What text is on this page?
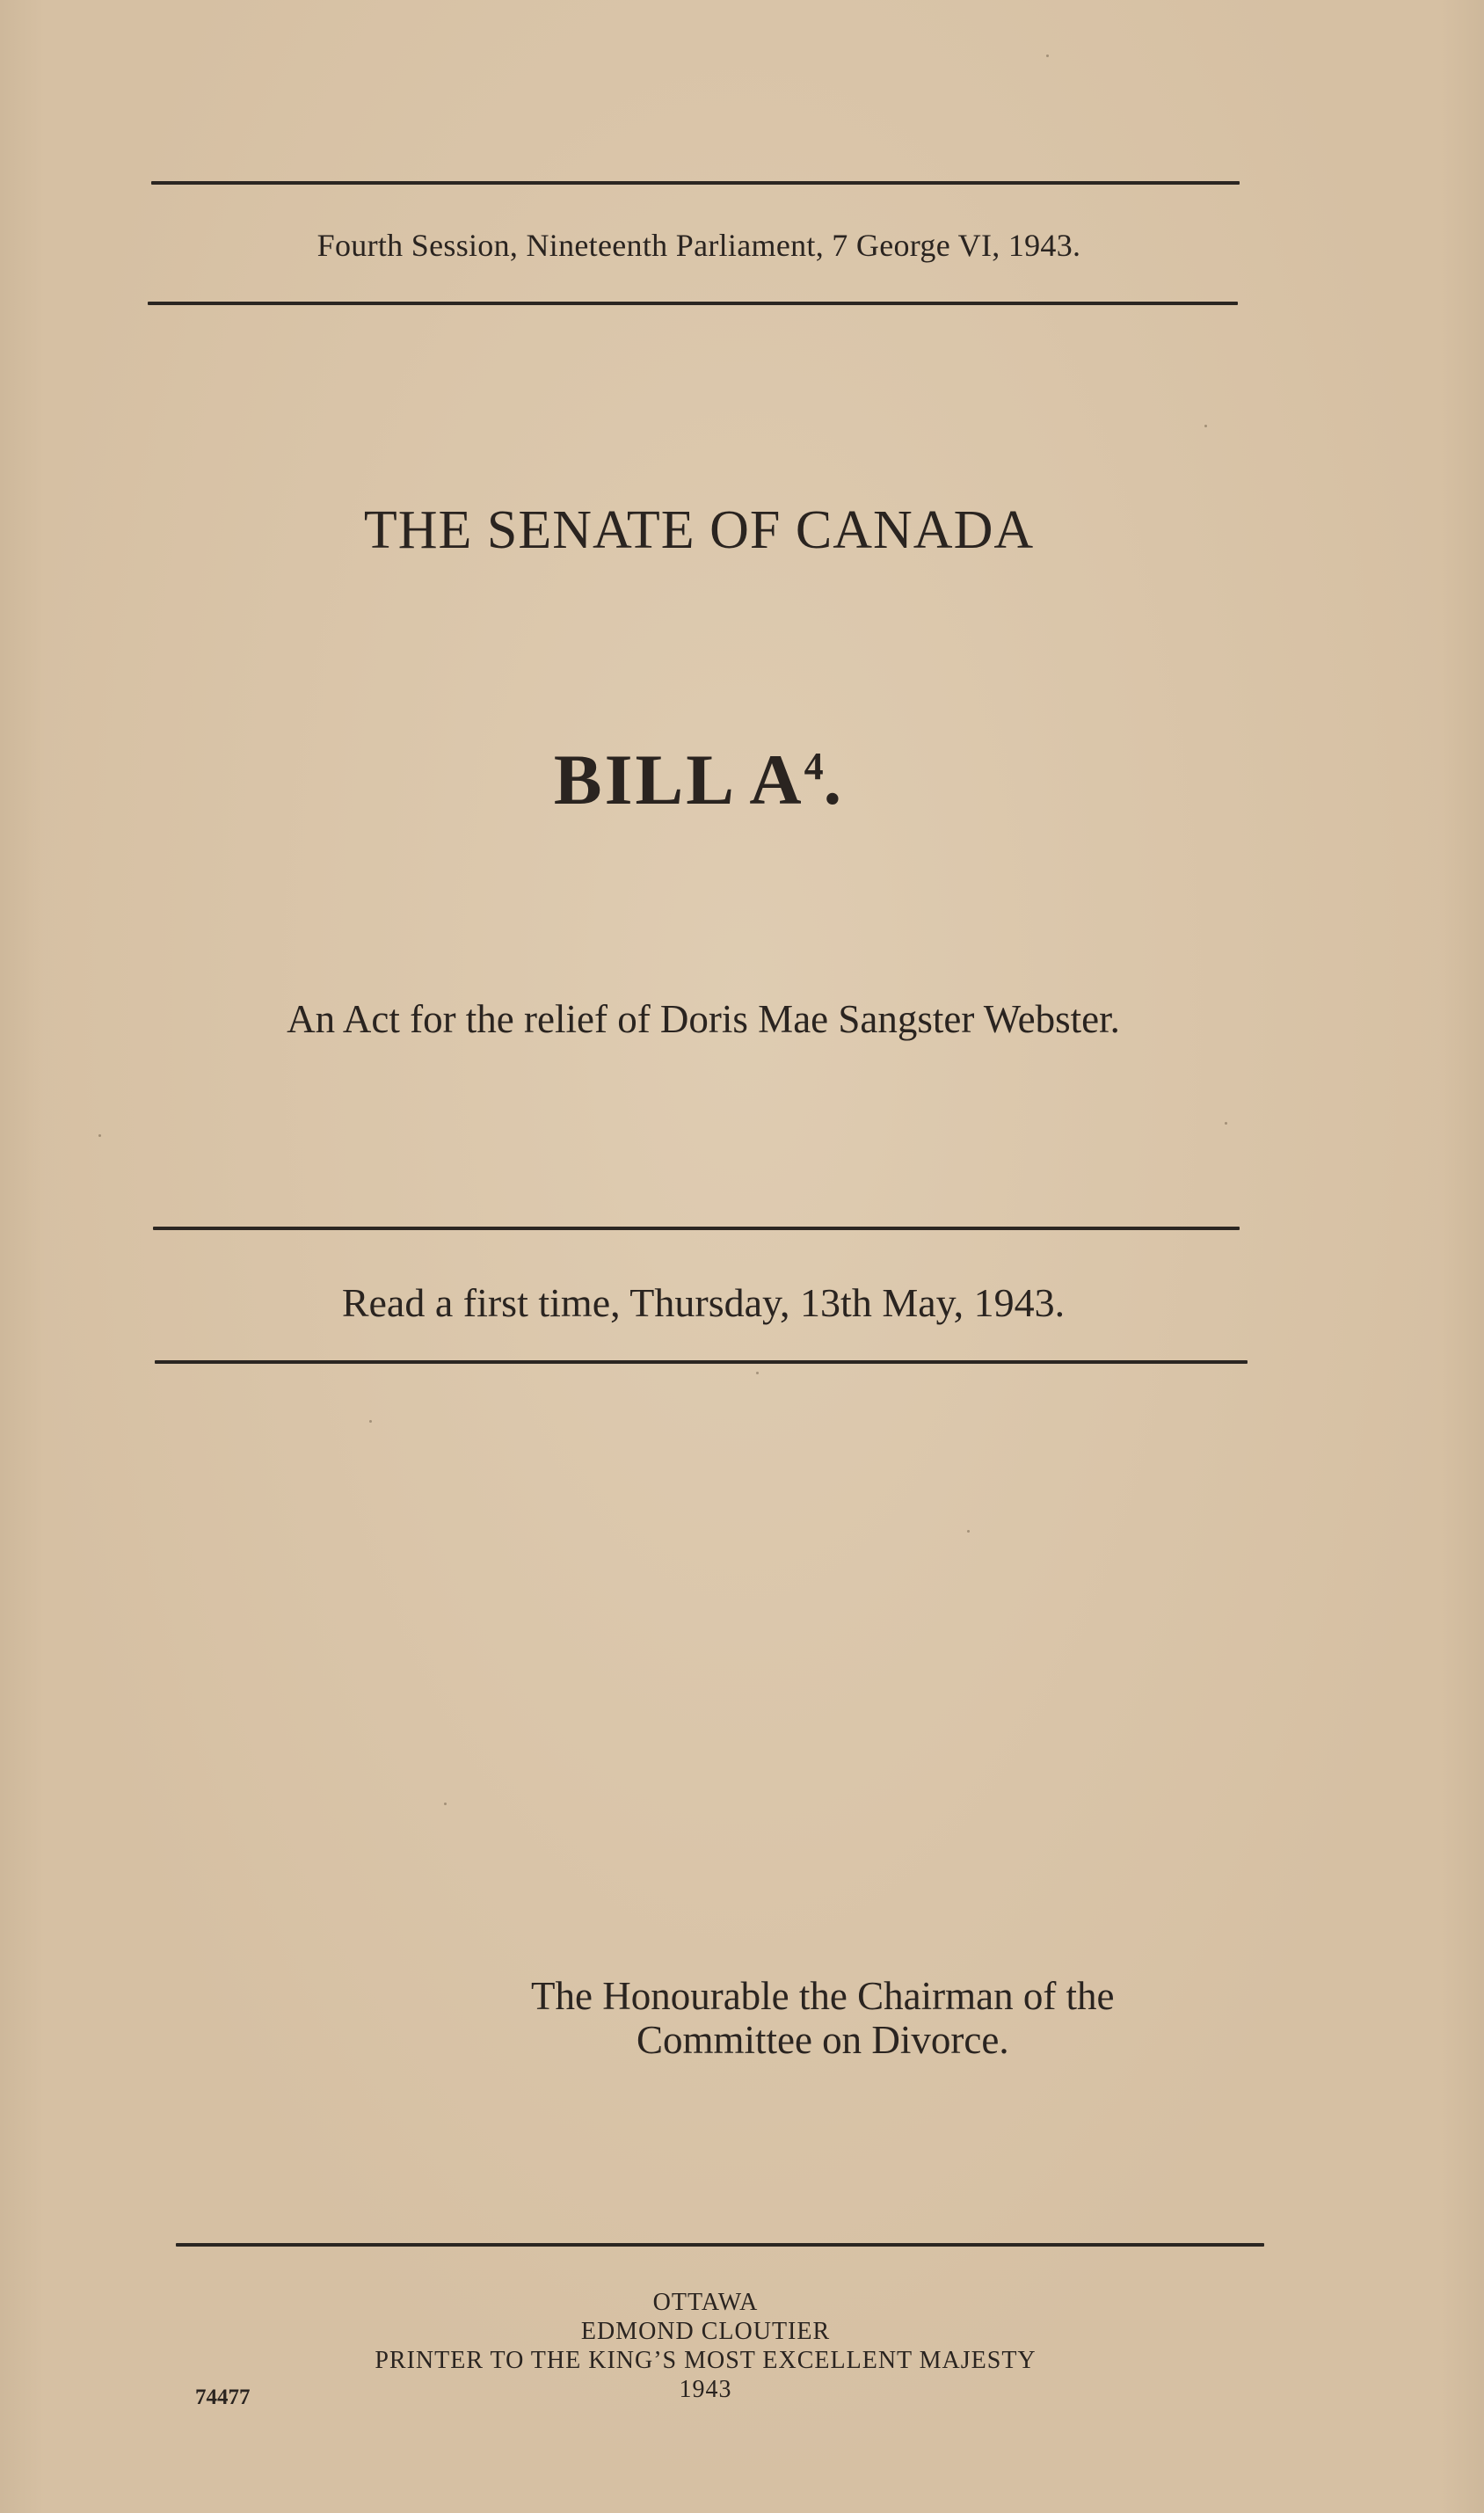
Fourth Session, Nineteenth Parliament, 7 George VI, 1943.
THE SENATE OF CANADA
BILL $A^4$.
An Act for the relief of Doris Mae Sangster Webster.
Read a first time, Thursday, 13th May, 1943.
The Honourable the Chairman of the
Committee on Divorce.
OTTAWA
EDMOND CLOUTIER
PRINTER TO THE KING’S MOST EXCELLENT MAJESTY
1943
74477
